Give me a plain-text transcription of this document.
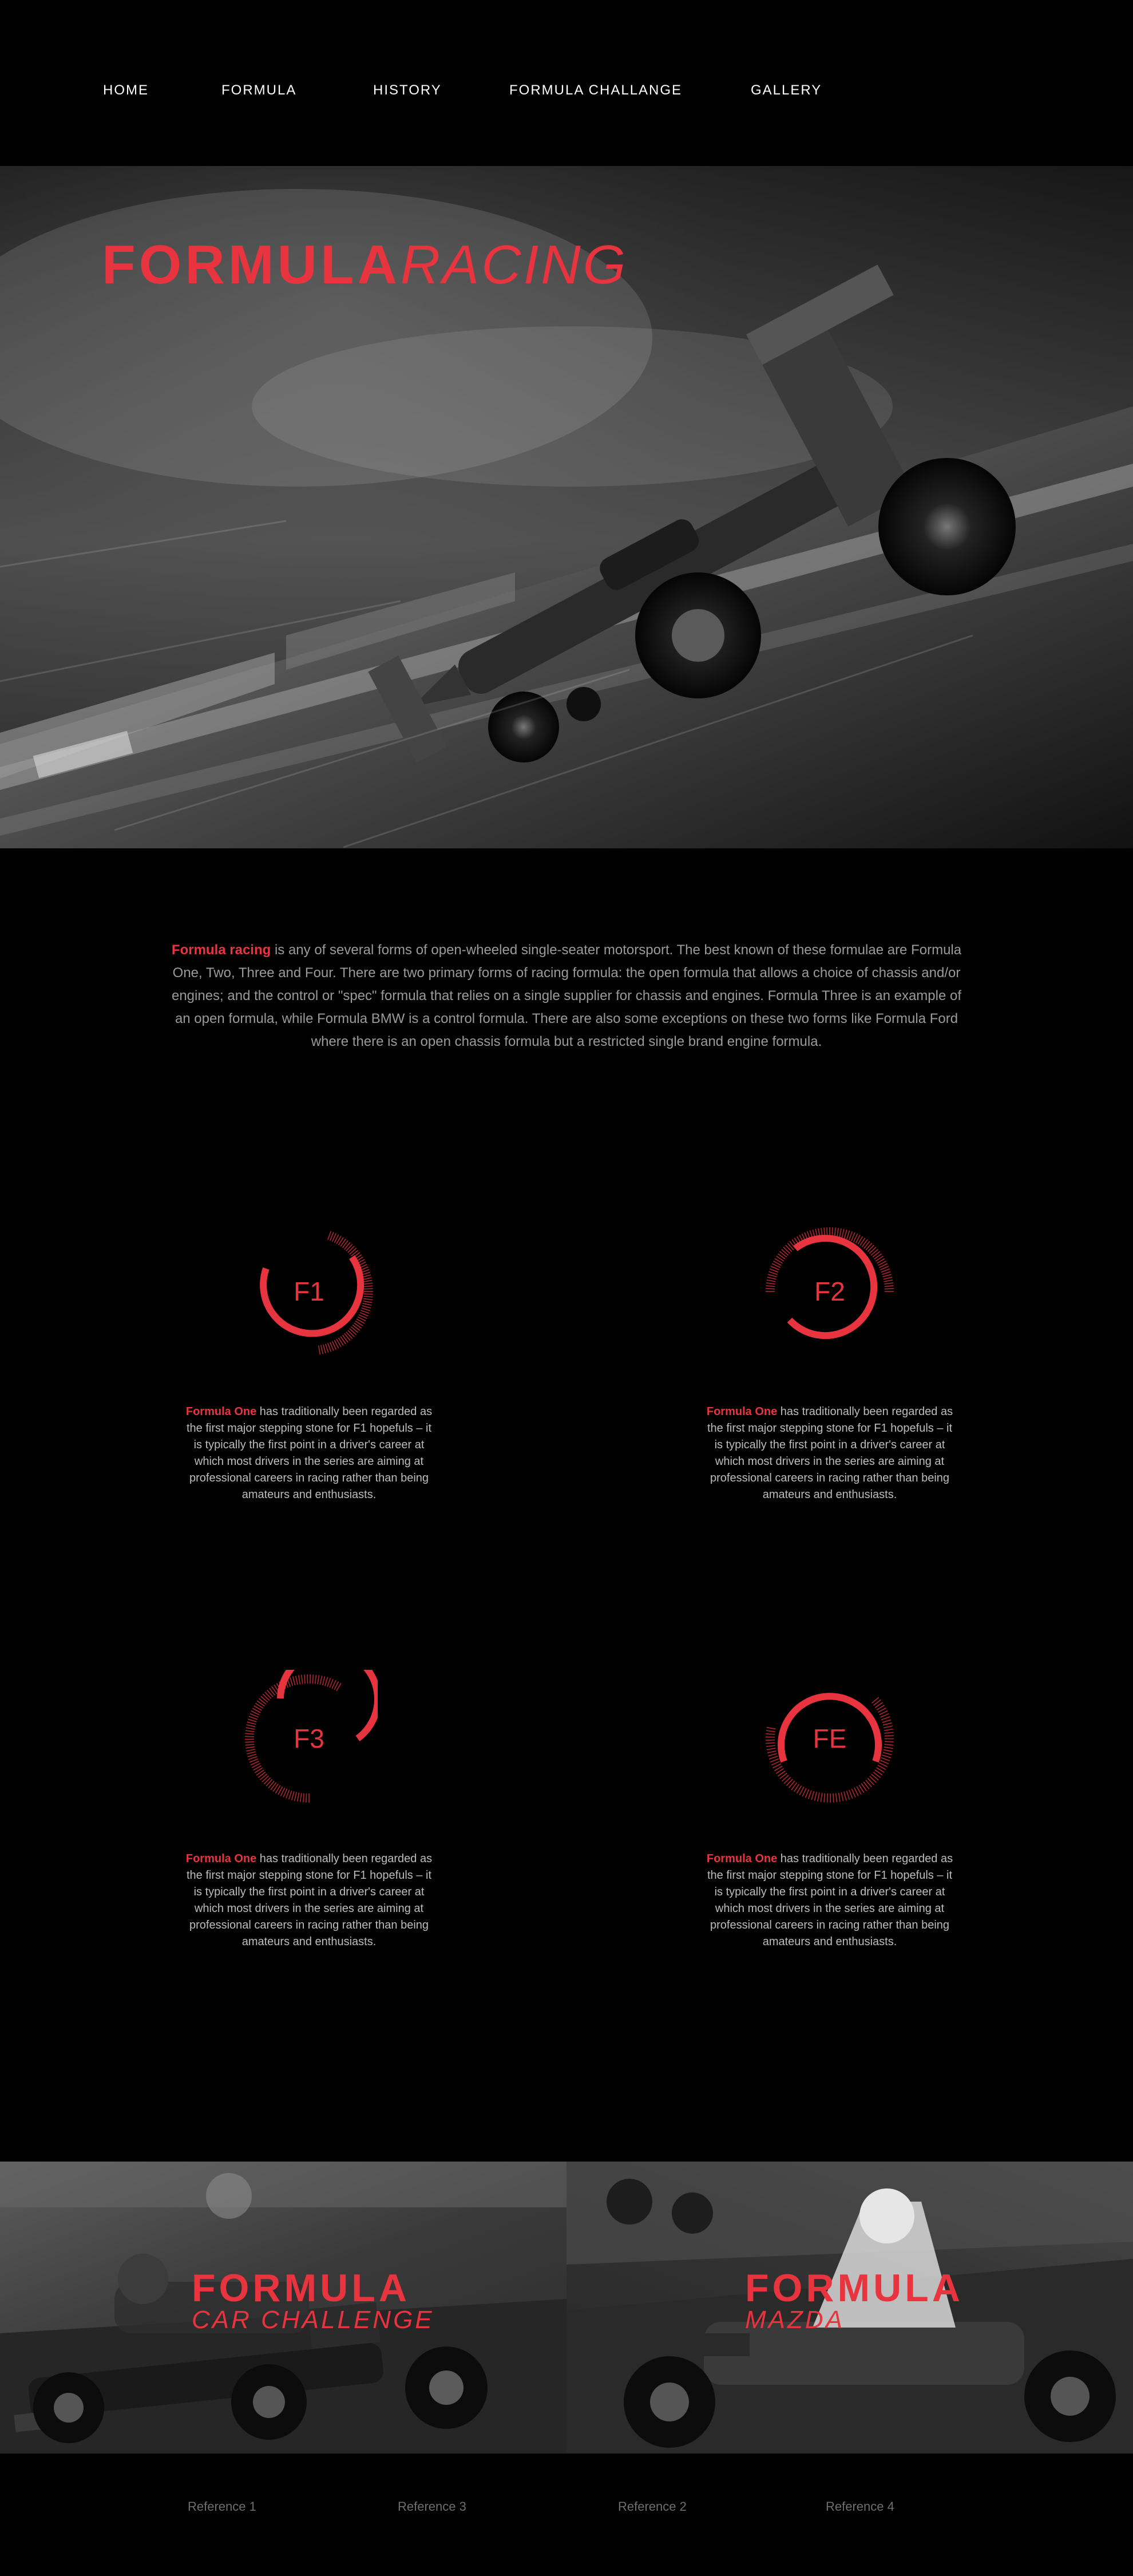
HOME	FORMULA	HISTORY	FORMULA CHALLANGE	GALLERY
FORMULARACING

Formula racing is any of several forms of open-wheeled single-seater motorsport. The best known of these formulae are Formula One, Two, Three and Four. There are two primary forms of racing formula: the open formula that allows a choice of chassis and/or engines; and the control or "spec" formula that relies on a single supplier for chassis and engines. Formula Three is an example of an open formula, while Formula BMW is a control formula. There are also some exceptions on these two forms like Formula Ford where there is an open chassis formula but a restricted single brand engine formula.

F1

Formula One has traditionally been regarded as the first major stepping stone for F1 hopefuls – it is typically the first point in a driver's career at which most drivers in the series are aiming at professional careers in racing rather than being amateurs and enthusiasts.

F2

Formula One has traditionally been regarded as the first major stepping stone for F1 hopefuls – it is typically the first point in a driver's career at which most drivers in the series are aiming at professional careers in racing rather than being amateurs and enthusiasts.

F3

Formula One has traditionally been regarded as the first major stepping stone for F1 hopefuls – it is typically the first point in a driver's career at which most drivers in the series are aiming at professional careers in racing rather than being amateurs and enthusiasts.

FE

Formula One has traditionally been regarded as the first major stepping stone for F1 hopefuls – it is typically the first point in a driver's career at which most drivers in the series are aiming at professional careers in racing rather than being amateurs and enthusiasts.

FORMULA
CAR CHALLENGE
FORMULA
MAZDA
Reference 1	Reference 3	Reference 2	Reference 4
